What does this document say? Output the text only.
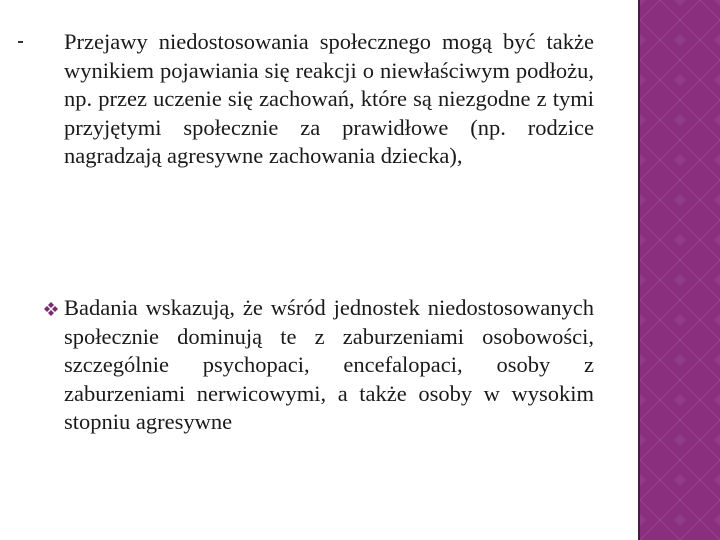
Przejawy niedostosowania społecznego mogą być także wynikiem pojawiania się reakcji o niewłaściwym podłożu, np. przez uczenie się zachowań, które są niezgodne z tymi przyjętymi społecznie za prawidłowe (np. rodzice nagradzają agresywne zachowania dziecka),
Badania wskazują, że wśród jednostek niedostosowanych społecznie dominują te z zaburzeniami osobowości, szczególnie psychopaci, encefalopaci, osoby z zaburzeniami nerwicowymi, a także osoby w wysokim stopniu agresywne
